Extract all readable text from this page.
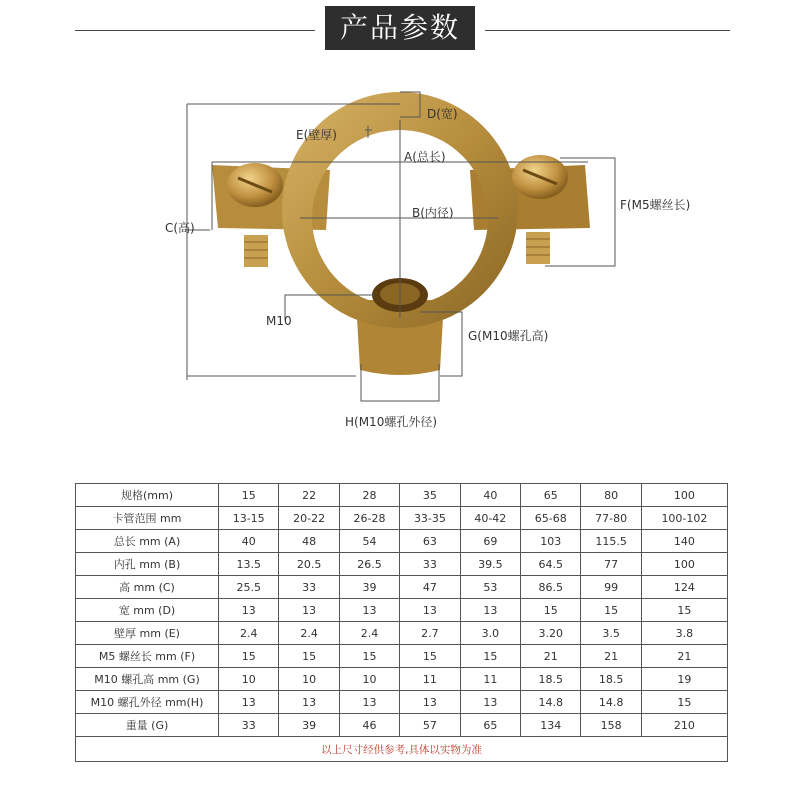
产品参数
D(宽)
E(壁厚)
A(总长)
B(内径)
C(高)
F(M5螺丝长)
M10
G(M10螺孔高)
H(M10螺孔外径)
规格(mm)	15	22	28	35	40	65	80	100
卡管范围 mm	13-15	20-22	26-28	33-35	40-42	65-68	77-80	100-102
总长 mm (A)	40	48	54	63	69	103	115.5	140
内孔 mm (B)	13.5	20.5	26.5	33	39.5	64.5	77	100
高 mm (C)	25.5	33	39	47	53	86.5	99	124
宽 mm (D)	13	13	13	13	13	15	15	15
壁厚 mm (E)	2.4	2.4	2.4	2.7	3.0	3.20	3.5	3.8
M5 螺丝长 mm (F)	15	15	15	15	15	21	21	21
M10 螺孔高 mm (G)	10	10	10	11	11	18.5	18.5	19
M10 螺孔外径 mm(H)	13	13	13	13	13	14.8	14.8	15
重量 (G)	33	39	46	57	65	134	158	210
以上尺寸经供参考,具体以实物为准								
